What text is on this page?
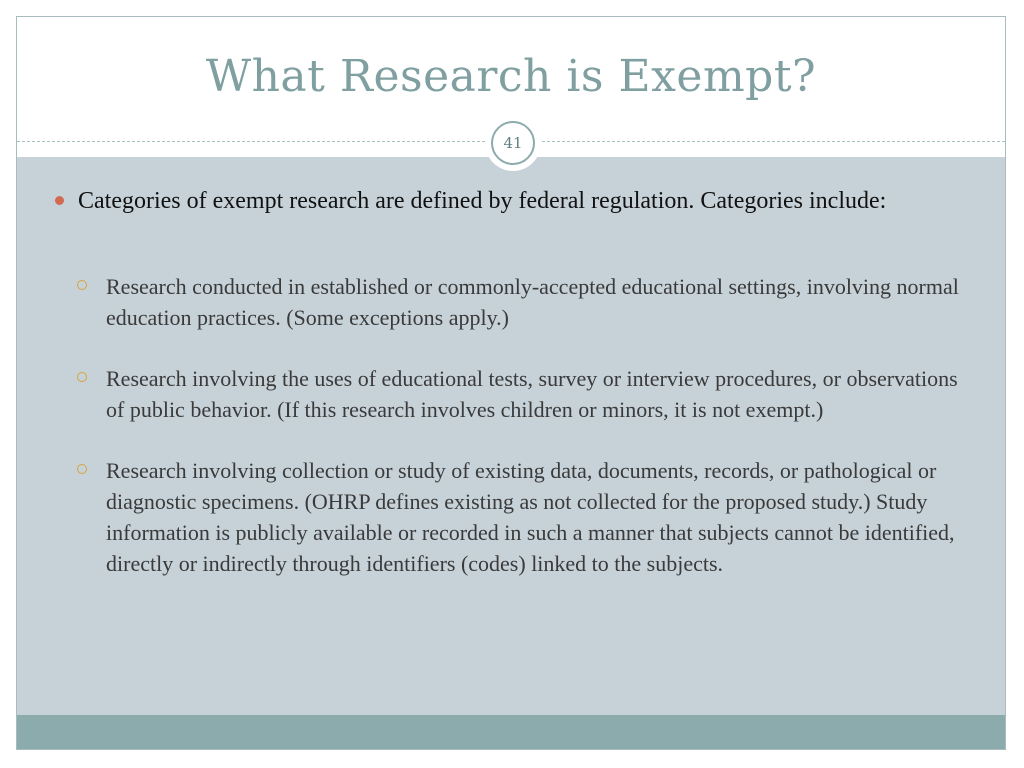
What Research is Exempt?
Categories of exempt research are defined by federal regulation. Categories include:
Research conducted in established or commonly-accepted educational settings, involving normal education practices. (Some exceptions apply.)
Research involving the uses of educational tests, survey or interview procedures, or observations of public behavior. (If this research involves children or minors, it is not exempt.)
Research involving collection or study of existing data, documents, records, or pathological or diagnostic specimens. (OHRP defines existing as not collected for the proposed study.) Study information is publicly available or recorded in such a manner that subjects cannot be identified, directly or indirectly through identifiers (codes) linked to the subjects.
41
